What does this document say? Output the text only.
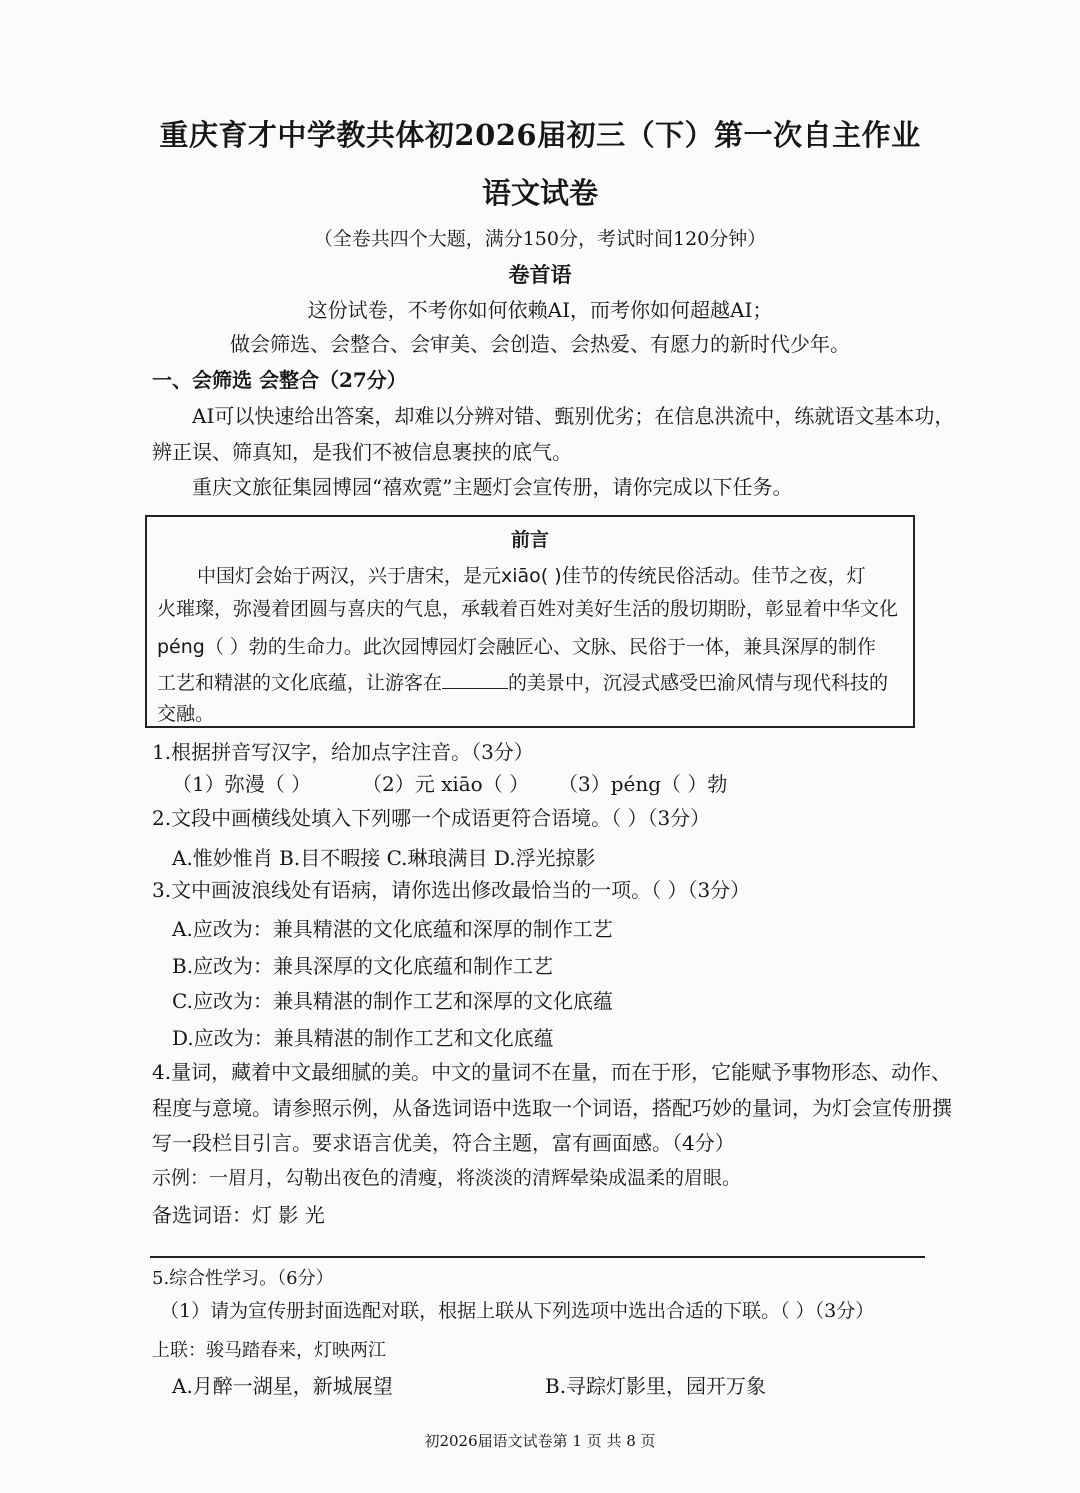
重庆育才中学教共体初2026届初三（下）第一次自主作业
语文试卷
（全卷共四个大题，满分150分，考试时间120分钟）
卷首语
这份试卷，不考你如何依赖AI，而考你如何超越AI；
做会筛选、会整合、会审美、会创造、会热爱、有愿力的新时代少年。
一、会筛选 会整合（27分）
AI可以快速给出答案，却难以分辨对错、甄别优劣；在信息洪流中，练就语文基本功，
辨正误、筛真知，是我们不被信息裹挟的底气。
重庆文旅征集园博园“禧欢霓”主题灯会宣传册，请你完成以下任务。
前言
中国灯会始于两汉，兴于唐宋，是元xiāo( )佳节的传统民俗活动。佳节之夜，灯
火璀璨，弥漫着团圆与喜庆的气息，承载着百姓对美好生活的殷切期盼，彰显着中华文化
péng（ ）勃的生命力。此次园博园灯会融匠心、文脉、民俗于一体，兼具深厚的制作
工艺和精湛的文化底蕴，让游客在	的美景中，沉浸式感受巴渝风情与现代科技的
交融。
1.根据拼音写汉字，给加点字注音。（3分）
（1）弥漫（ ）	（2）元 xiāo（ ） （3）péng（ ）勃
2.文段中画横线处填入下列哪一个成语更符合语境。（ ）（3分）
A.惟妙惟肖 B.目不暇接 C.琳琅满目 D.浮光掠影
3.文中画波浪线处有语病，请你选出修改最恰当的一项。（ ）（3分）
A.应改为：兼具精湛的文化底蕴和深厚的制作工艺
B.应改为：兼具深厚的文化底蕴和制作工艺
C.应改为：兼具精湛的制作工艺和深厚的文化底蕴
D.应改为：兼具精湛的制作工艺和文化底蕴
4.量词，藏着中文最细腻的美。中文的量词不在量，而在于形，它能赋予事物形态、动作、
程度与意境。请参照示例，从备选词语中选取一个词语，搭配巧妙的量词，为灯会宣传册撰
写一段栏目引言。要求语言优美，符合主题，富有画面感。（4分）
示例：一眉月，勾勒出夜色的清瘦，将淡淡的清辉晕染成温柔的眉眼。
备选词语：灯 影 光
5.综合性学习。（6分）
（1）请为宣传册封面选配对联，根据上联从下列选项中选出合适的下联。（ ）（3分）
上联：骏马踏春来，灯映两江
A.月醉一湖星，新城展望	B.寻踪灯影里，园开万象
初2026届语文试卷第 1 页 共 8 页
